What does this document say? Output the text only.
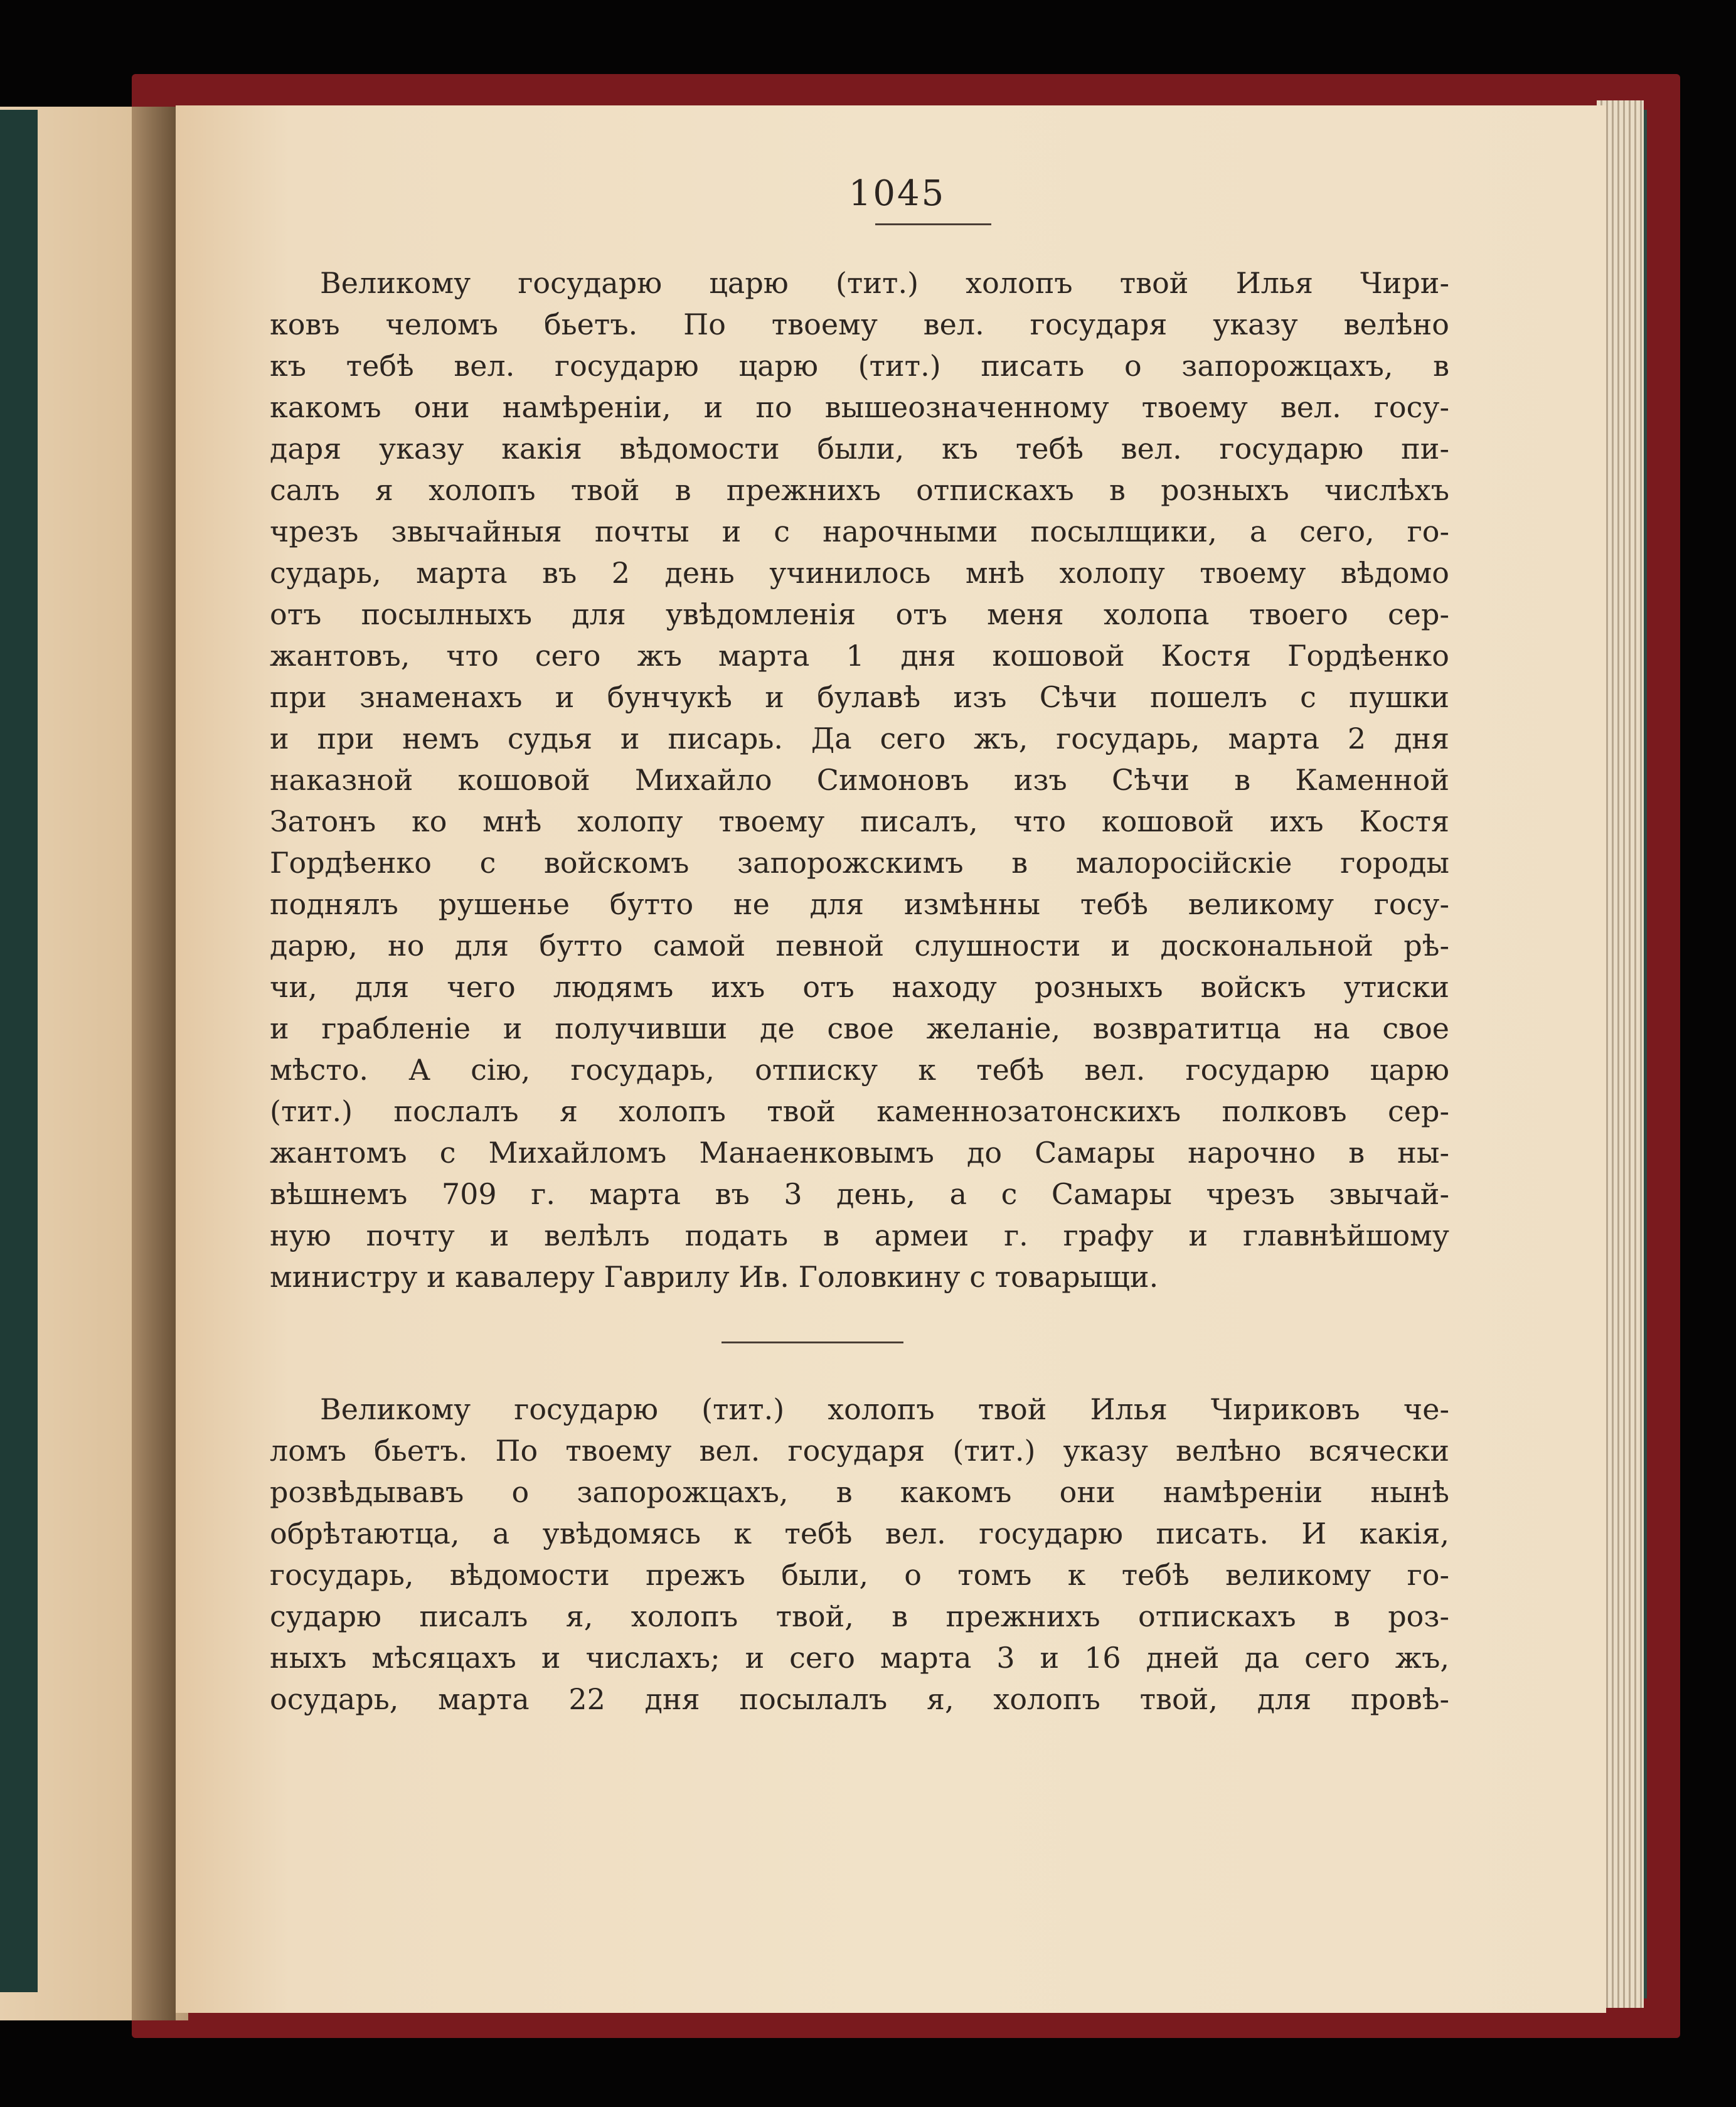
1045
Великому государю царю (тит.) холопъ твой Илья Чири-
ковъ челомъ бьетъ. По твоему вел. государя указу велѣно
къ тебѣ вел. государю царю (тит.) писать о запорожцахъ, в
какомъ они намѣреніи, и по вышеозначенному твоему вел. госу-
даря указу какія вѣдомости были, къ тебѣ вел. государю пи-
салъ я холопъ твой в прежнихъ отпискахъ в розныхъ числѣхъ
чрезъ звычайныя почты и с нарочными посылщики, а сего, го-
сударь, марта въ 2 день учинилось мнѣ холопу твоему вѣдомо
отъ посылныхъ для увѣдомленія отъ меня холопа твоего сер-
жантовъ, что сего жъ марта 1 дня кошовой Костя Гордѣенко
при знаменахъ и бунчукѣ и булавѣ изъ Сѣчи пошелъ с пушки
и при немъ судья и писарь. Да сего жъ, государь, марта 2 дня
наказной кошовой Михайло Симоновъ изъ Сѣчи в Каменной
Затонъ ко мнѣ холопу твоему писалъ, что кошовой ихъ Костя
Гордѣенко с войскомъ запорожскимъ в малоросійскіе городы
поднялъ рушенье бутто не для измѣнны тебѣ великому госу-
дарю, но для бутто самой певной слушности и доскональной рѣ-
чи, для чего людямъ ихъ отъ находу розныхъ войскъ утиски
и грабленіе и получивши де свое желаніе, возвратитца на свое
мѣсто. А сію, государь, отписку к тебѣ вел. государю царю
(тит.) послалъ я холопъ твой каменнозатонскихъ полковъ сер-
жантомъ с Михайломъ Манаенковымъ до Самары нарочно в ны-
вѣшнемъ 709 г. марта въ 3 день, а с Самары чрезъ звычай-
ную почту и велѣлъ подать в армеи г. графу и главнѣйшому
министру и кавалеру Гаврилу Ив. Головкину с товарыщи.
Великому государю (тит.) холопъ твой Илья Чириковъ че-
ломъ бьетъ. По твоему вел. государя (тит.) указу велѣно всячески
розвѣдывавъ о запорожцахъ, в какомъ они намѣреніи нынѣ
обрѣтаютца, а увѣдомясь к тебѣ вел. государю писать. И какія,
государь, вѣдомости прежъ были, о томъ к тебѣ великому го-
сударю писалъ я, холопъ твой, в прежнихъ отпискахъ в роз-
ныхъ мѣсяцахъ и числахъ; и сего марта 3 и 16 дней да сего жъ,
осударь, марта 22 дня посылалъ я, холопъ твой, для провѣ-
